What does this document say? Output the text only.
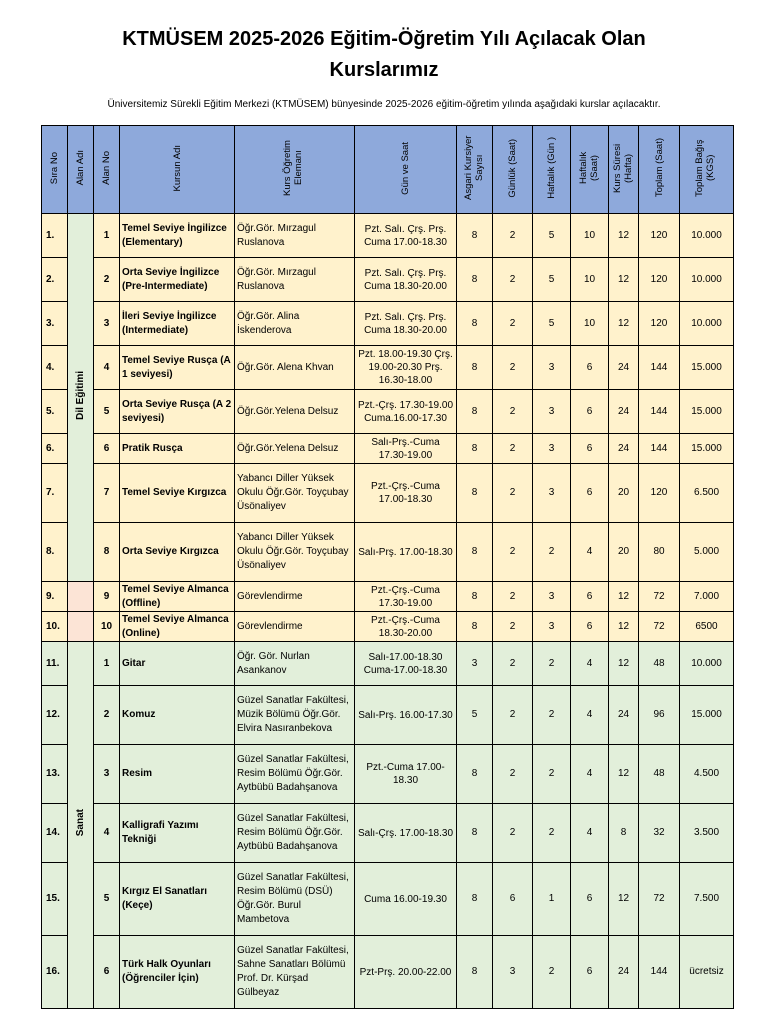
KTMÜSEM 2025-2026 Eğitim-Öğretim Yılı Açılacak Olan
Kurslarımız
Üniversitemiz Sürekli Eğitim Merkezi (KTMÜSEM) bünyesinde 2025-2026 eğitim-öğretim yılında aşağıdaki kurslar açılacaktır.
Sıra No	Alan Adı	Alan No	Kursun Adı	Kurs Öğretim Elemanı	Gün ve Saat	Asgari Kursiyer Sayısı	Günlük (Saat)	Haftalık (Gün )	Haftalık (Saat)	Kurs Süresi (Hafta)	Toplam (Saat)	Toplam Bağış (KGS)
1.	Dil Eğitimi	1	Temel Seviye İngilizce (Elementary)	Öğr.Gör. Mırzagul Ruslanova	Pzt. Salı. Çrş. Prş. Cuma 17.00-18.30	8	2	5	10	12	120	10.000
2.		2	Orta Seviye İngilizce (Pre-Intermediate)	Öğr.Gör. Mırzagul Ruslanova	Pzt. Salı. Çrş. Prş. Cuma 18.30-20.00	8	2	5	10	12	120	10.000
3.		3	İleri Seviye İngilizce (Intermediate)	Öğr.Gör. Alina İskenderova	Pzt. Salı. Çrş. Prş. Cuma 18.30-20.00	8	2	5	10	12	120	10.000
4.		4	Temel Seviye Rusça (A 1 seviyesi)	Öğr.Gör. Alena Khvan	Pzt. 18.00-19.30 Çrş. 19.00-20.30 Prş. 16.30-18.00	8	2	3	6	24	144	15.000
5.		5	Orta Seviye Rusça (A 2 seviyesi)	Öğr.Gör.Yelena Delsuz	Pzt.-Çrş. 17.30-19.00 Cuma.16.00-17.30	8	2	3	6	24	144	15.000
6.		6	Pratik Rusça	Öğr.Gör.Yelena Delsuz	Salı-Prş.-Cuma 17.30-19.00	8	2	3	6	24	144	15.000
7.		7	Temel Seviye Kırgızca	Yabancı Diller Yüksek Okulu Öğr.Gör. Toyçubay Üsönaliyev	Pzt.-Çrş.-Cuma 17.00-18.30	8	2	3	6	20	120	6.500
8.		8	Orta Seviye Kırgızca	Yabancı Diller Yüksek Okulu Öğr.Gör. Toyçubay Üsönaliyev	Salı-Prş. 17.00-18.30	8	2	2	4	20	80	5.000
9.		9	Temel Seviye Almanca (Offline)	Görevlendirme	Pzt.-Çrş.-Cuma 17.30-19.00	8	2	3	6	12	72	7.000
10.		10	Temel Seviye Almanca (Online)	Görevlendirme	Pzt.-Çrş.-Cuma 18.30-20.00	8	2	3	6	12	72	6500
11.	Sanat	1	Gitar	Öğr. Gör. Nurlan Asankanov	Salı-17.00-18.30 Cuma-17.00-18.30	3	2	2	4	12	48	10.000
12.		2	Komuz	Güzel Sanatlar Fakültesi, Müzik Bölümü Öğr.Gör. Elvira Nasıranbekova	Salı-Prş. 16.00-17.30	5	2	2	4	24	96	15.000
13.		3	Resim	Güzel Sanatlar Fakültesi, Resim Bölümü Öğr.Gör. Aytbübü Badahşanova	Pzt.-Cuma 17.00-18.30	8	2	2	4	12	48	4.500
14.		4	Kalligrafi Yazımı Tekniği	Güzel Sanatlar Fakültesi, Resim Bölümü Öğr.Gör. Aytbübü Badahşanova	Salı-Çrş. 17.00-18.30	8	2	2	4	8	32	3.500
15.		5	Kırgız El Sanatları (Keçe)	Güzel Sanatlar Fakültesi, Resim Bölümü (DSÜ) Öğr.Gör. Burul Mambetova	Cuma 16.00-19.30	8	6	1	6	12	72	7.500
16.		6	Türk Halk Oyunları (Öğrenciler İçin)	Güzel Sanatlar Fakültesi, Sahne Sanatları Bölümü Prof. Dr. Kürşad Gülbeyaz	Pzt-Prş. 20.00-22.00	8	3	2	6	24	144	ücretsiz
